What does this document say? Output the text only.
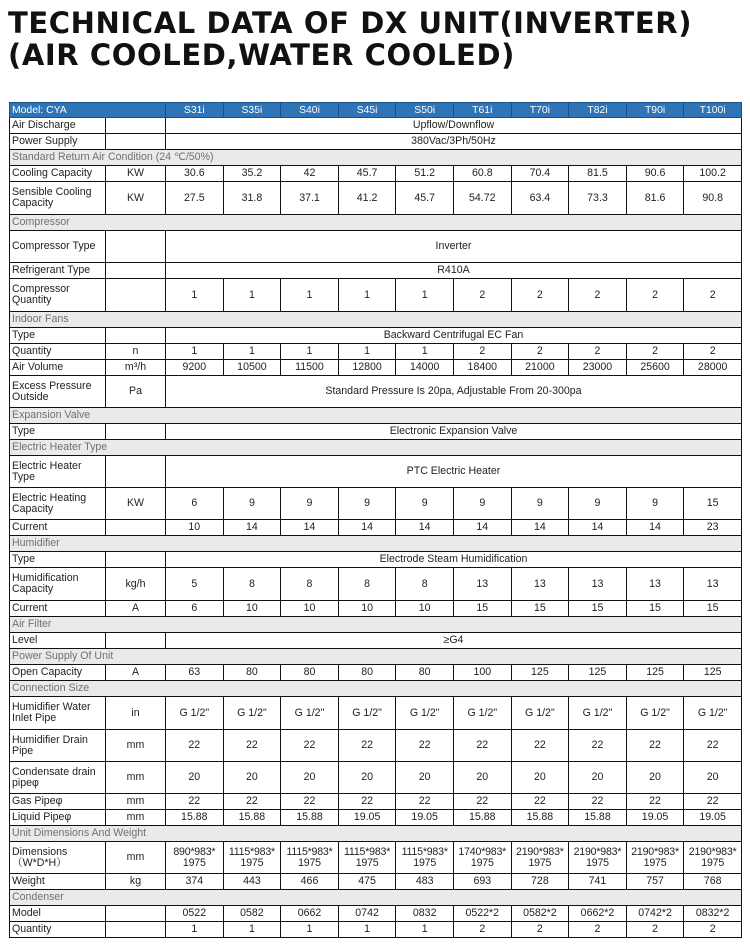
TECHNICAL DATA OF DX UNIT(INVERTER)
(AIR COOLED,WATER COOLED)
Model: CYA		S31i	S35i	S40i	S45i	S50i	T61i	T70i	T82i	T90i	T100i
Air Discharge		Upflow/Downflow									
Power Supply		380Vac/3Ph/50Hz									
Standard Return Air Condition (24 ℃/50%)											
Cooling Capacity	KW	30.6	35.2	42	45.7	51.2	60.8	70.4	81.5	90.6	100.2
Sensible Cooling Capacity	KW	27.5	31.8	37.1	41.2	45.7	54.72	63.4	73.3	81.6	90.8
Compressor											
Compressor Type		Inverter									
Refrigerant Type		R410A									
Compressor Quantity		1	1	1	1	1	2	2	2	2	2
Indoor Fans											
Type		Backward Centrifugal EC Fan									
Quantity	n	1	1	1	1	1	2	2	2	2	2
Air Volume	m³/h	9200	10500	11500	12800	14000	18400	21000	23000	25600	28000
Excess Pressure Outside	Pa	Standard Pressure Is 20pa, Adjustable From 20-300pa									
Expansion Valve											
Type		Electronic Expansion Valve									
Electric Heater Type											
Electric Heater Type		PTC Electric Heater									
Electric Heating Capacity	KW	6	9	9	9	9	9	9	9	9	15
Current		10	14	14	14	14	14	14	14	14	23
Humidifier											
Type		Electrode Steam Humidification									
Humidification Capacity	kg/h	5	8	8	8	8	13	13	13	13	13
Current	A	6	10	10	10	10	15	15	15	15	15
Air Filter											
Level		≥G4									
Power Supply Of Unit											
Open Capacity	A	63	80	80	80	80	100	125	125	125	125
Connection Size											
Humidifier Water Inlet Pipe	in	G 1/2"	G 1/2"	G 1/2"	G 1/2"	G 1/2"	G 1/2"	G 1/2"	G 1/2"	G 1/2"	G 1/2"
Humidifier Drain Pipe	mm	22	22	22	22	22	22	22	22	22	22
Condensate drain pipeφ	mm	20	20	20	20	20	20	20	20	20	20
Gas Pipeφ	mm	22	22	22	22	22	22	22	22	22	22
Liquid Pipeφ	mm	15.88	15.88	15.88	19.05	19.05	15.88	15.88	15.88	19.05	19.05
Unit Dimensions And Weight											
Dimensions （W*D*H）	mm	890*983* 1975	1115*983* 1975	1115*983* 1975	1115*983* 1975	1115*983* 1975	1740*983* 1975	2190*983* 1975	2190*983* 1975	2190*983* 1975	2190*983* 1975
Weight	kg	374	443	466	475	483	693	728	741	757	768
Condenser											
Model		0522	0582	0662	0742	0832	0522*2	0582*2	0662*2	0742*2	0832*2
Quantity		1	1	1	1	1	2	2	2	2	2
